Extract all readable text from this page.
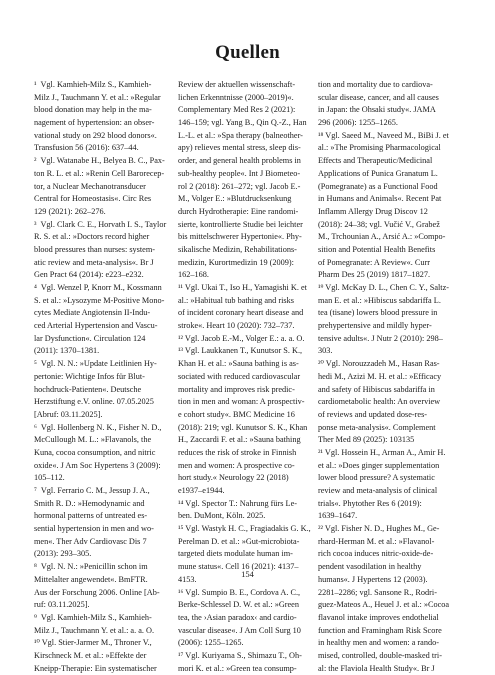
Quellen
¹  Vgl. Kamhieh-Milz S., Kamhieh-
Milz J., Tauchmann Y. et al.: »Regular
blood donation may help in the ma-
nagement of hypertension: an obser-
vational study on 292 blood donors«.
Transfusion 56 (2016): 637–44.
²  Vgl. Watanabe H., Belyea B. C., Pax-
ton R. L. et al.: »Renin Cell Barorecep-
tor, a Nuclear Mechanotransducer
Central for Homeostasis«. Circ Res
129 (2021): 262–276.
³  Vgl. Clark C. E., Horvath I. S., Taylor
R. S. et al.: »Doctors record higher
blood pressures than nurses: system-
atic review and meta-analysis«. Br J
Gen Pract 64 (2014): e223–e232.
⁴  Vgl. Wenzel P, Knorr M., Kossmann
S. et al.: »Lysozyme M-Positive Mono-
cytes Mediate Angiotensin II-Indu-
ced Arterial Hypertension and Vascu-
lar Dysfunction«. Circulation 124
(2011): 1370–1381.
⁵  Vgl. N. N.: »Update Leitlinien Hy-
pertonie: Wichtige Infos für Blut-
hochdruck-Patienten«. Deutsche
Herzstiftung e.V. online. 07.05.2025
[Abruf: 03.11.2025].
⁶  Vgl. Hollenberg N. K., Fisher N. D.,
McCullough M. L.: »Flavanols, the
Kuna, cocoa consumption, and nitric
oxide«. J Am Soc Hypertens 3 (2009):
105–112.
⁷  Vgl. Ferrario C. M., Jessup J. A.,
Smith R. D.: »Hemodynamic and
hormonal patterns of untreated es-
sential hypertension in men and wo-
men«. Ther Adv Cardiovasc Dis 7
(2013): 293–305.
⁸  Vgl. N. N.: »Penicillin schon im
Mittelalter angewendet«. BmFTR.
Aus der Forschung 2006. Online [Ab-
ruf: 03.11.2025].
⁹  Vgl. Kamhieh-Milz S., Kamhieh-
Milz J., Tauchmann Y. et al.: a. a. O.
¹⁰ Vgl. Stier-Jarmer M., Throner V.,
Kirschneck M. et al.: »Effekte der
Kneipp-Therapie: Ein systematischer
Review der aktuellen wissenschaft-
lichen Erkenntnisse (2000–2019)«.
Complementary Med Res 2 (2021):
146–159; vgl. Yang B., Qin Q.-Z., Han
L.-L. et al.: »Spa therapy (balneother-
apy) relieves mental stress, sleep dis-
order, and general health problems in
sub-healthy people«. Int J Biometeo-
rol 2 (2018): 261–272; vgl. Jacob E.-
M., Volger E.: »Blutdrucksenkung
durch Hydrotherapie: Eine randomi-
sierte, kontrollierte Studie bei leichter
bis mittelschwerer Hypertonie«. Phy-
sikalische Medizin, Rehabilitations-
medizin, Kurortmedizin 19 (2009):
162–168.
¹¹ Vgl. Ukai T., Iso H., Yamagishi K. et
al.: »Habitual tub bathing and risks
of incident coronary heart disease and
stroke«. Heart 10 (2020): 732–737.
¹² Vgl. Jacob E.-M., Volger E.: a. a. O.
¹³ Vgl. Laukkanen T., Kunutsor S. K.,
Khan H. et al.: »Sauna bathing is as-
sociated with reduced cardiovascular
mortality and improves risk predic-
tion in men and woman: A prospectiv-
e cohort study«. BMC Medicine 16
(2018): 219; vgl. Kunutsor S. K., Khan
H., Zaccardi F. et al.: »Sauna bathing
reduces the risk of stroke in Finnish
men and women: A prospective co-
hort study.« Neurology 22 (2018)
e1937–e1944.
¹⁴ Vgl. Spector T.: Nahrung fürs Le-
ben. DuMont, Köln. 2025.
¹⁵ Vgl. Wastyk H. C., Fragiadakis G. K.,
Perelman D. et al.: »Gut-microbiota-
targeted diets modulate human im-
mune status«. Cell 16 (2021): 4137–
4153.
¹⁶ Vgl. Sumpio B. E., Cordova A. C.,
Berke-Schlessel D. W. et al.: »Green
tea, the ›Asian paradox‹ and cardio-
vascular disease«. J Am Coll Surg 10
(2006): 1255–1265.
¹⁷ Vgl. Kuriyama S., Shimazu T., Oh-
mori K. et al.: »Green tea consump-
tion and mortality due to cardiova-
scular disease, cancer, and all causes
in Japan: the Ohsaki study«. JAMA
296 (2006): 1255–1265.
¹⁸ Vgl. Saeed M., Naveed M., BiBi J. et
al.: »The Promising Pharmacological
Effects and Therapeutic/Medicinal
Applications of Punica Granatum L.
(Pomegranate) as a Functional Food
in Humans and Animals«. Recent Pat
Inflamm Allergy Drug Discov 12
(2018): 24–38; vgl. Vučić V., Grabež
M., Trchounian A., Arsić A.: »Compo-
sition and Potential Health Benefits
of Pomegranate: A Review«. Curr
Pharm Des 25 (2019) 1817–1827.
¹⁹ Vgl. McKay D. L., Chen C. Y., Saltz-
man E. et al.: »Hibiscus sabdariffa L.
tea (tisane) lowers blood pressure in
prehypertensive and mildly hyper-
tensive adults«. J Nutr 2 (2010): 298–
303.
²⁰ Vgl. Norouzzadeh M., Hasan Ras-
hedi M., Azizi M. H. et al.: »Efficacy
and safety of Hibiscus sabdariffa in
cardiometabolic health: An overview
of reviews and updated dose-res-
ponse meta-analysis«. Complement
Ther Med 89 (2025): 103135
²¹ Vgl. Hossein H., Arman A., Amir H.
et al.: »Does ginger supplementation
lower blood pressure? A systematic
review and meta-analysis of clinical
trials«. Phytother Res 6 (2019):
1639–1647.
²² Vgl. Fisher N. D., Hughes M., Ge-
rhard-Herman M. et al.: »Flavanol-
rich cocoa induces nitric-oxide-de-
pendent vasodilation in healthy
humans«. J Hypertens 12 (2003).
2281–2286; vgl. Sansone R., Rodri-
guez-Mateos A., Heuel J. et al.: »Cocoa
flavanol intake improves endothelial
function and Framingham Risk Score
in healthy men and women: a rando-
mised, controlled, double-masked tri-
al: the Flaviola Health Study«. Br J
154
